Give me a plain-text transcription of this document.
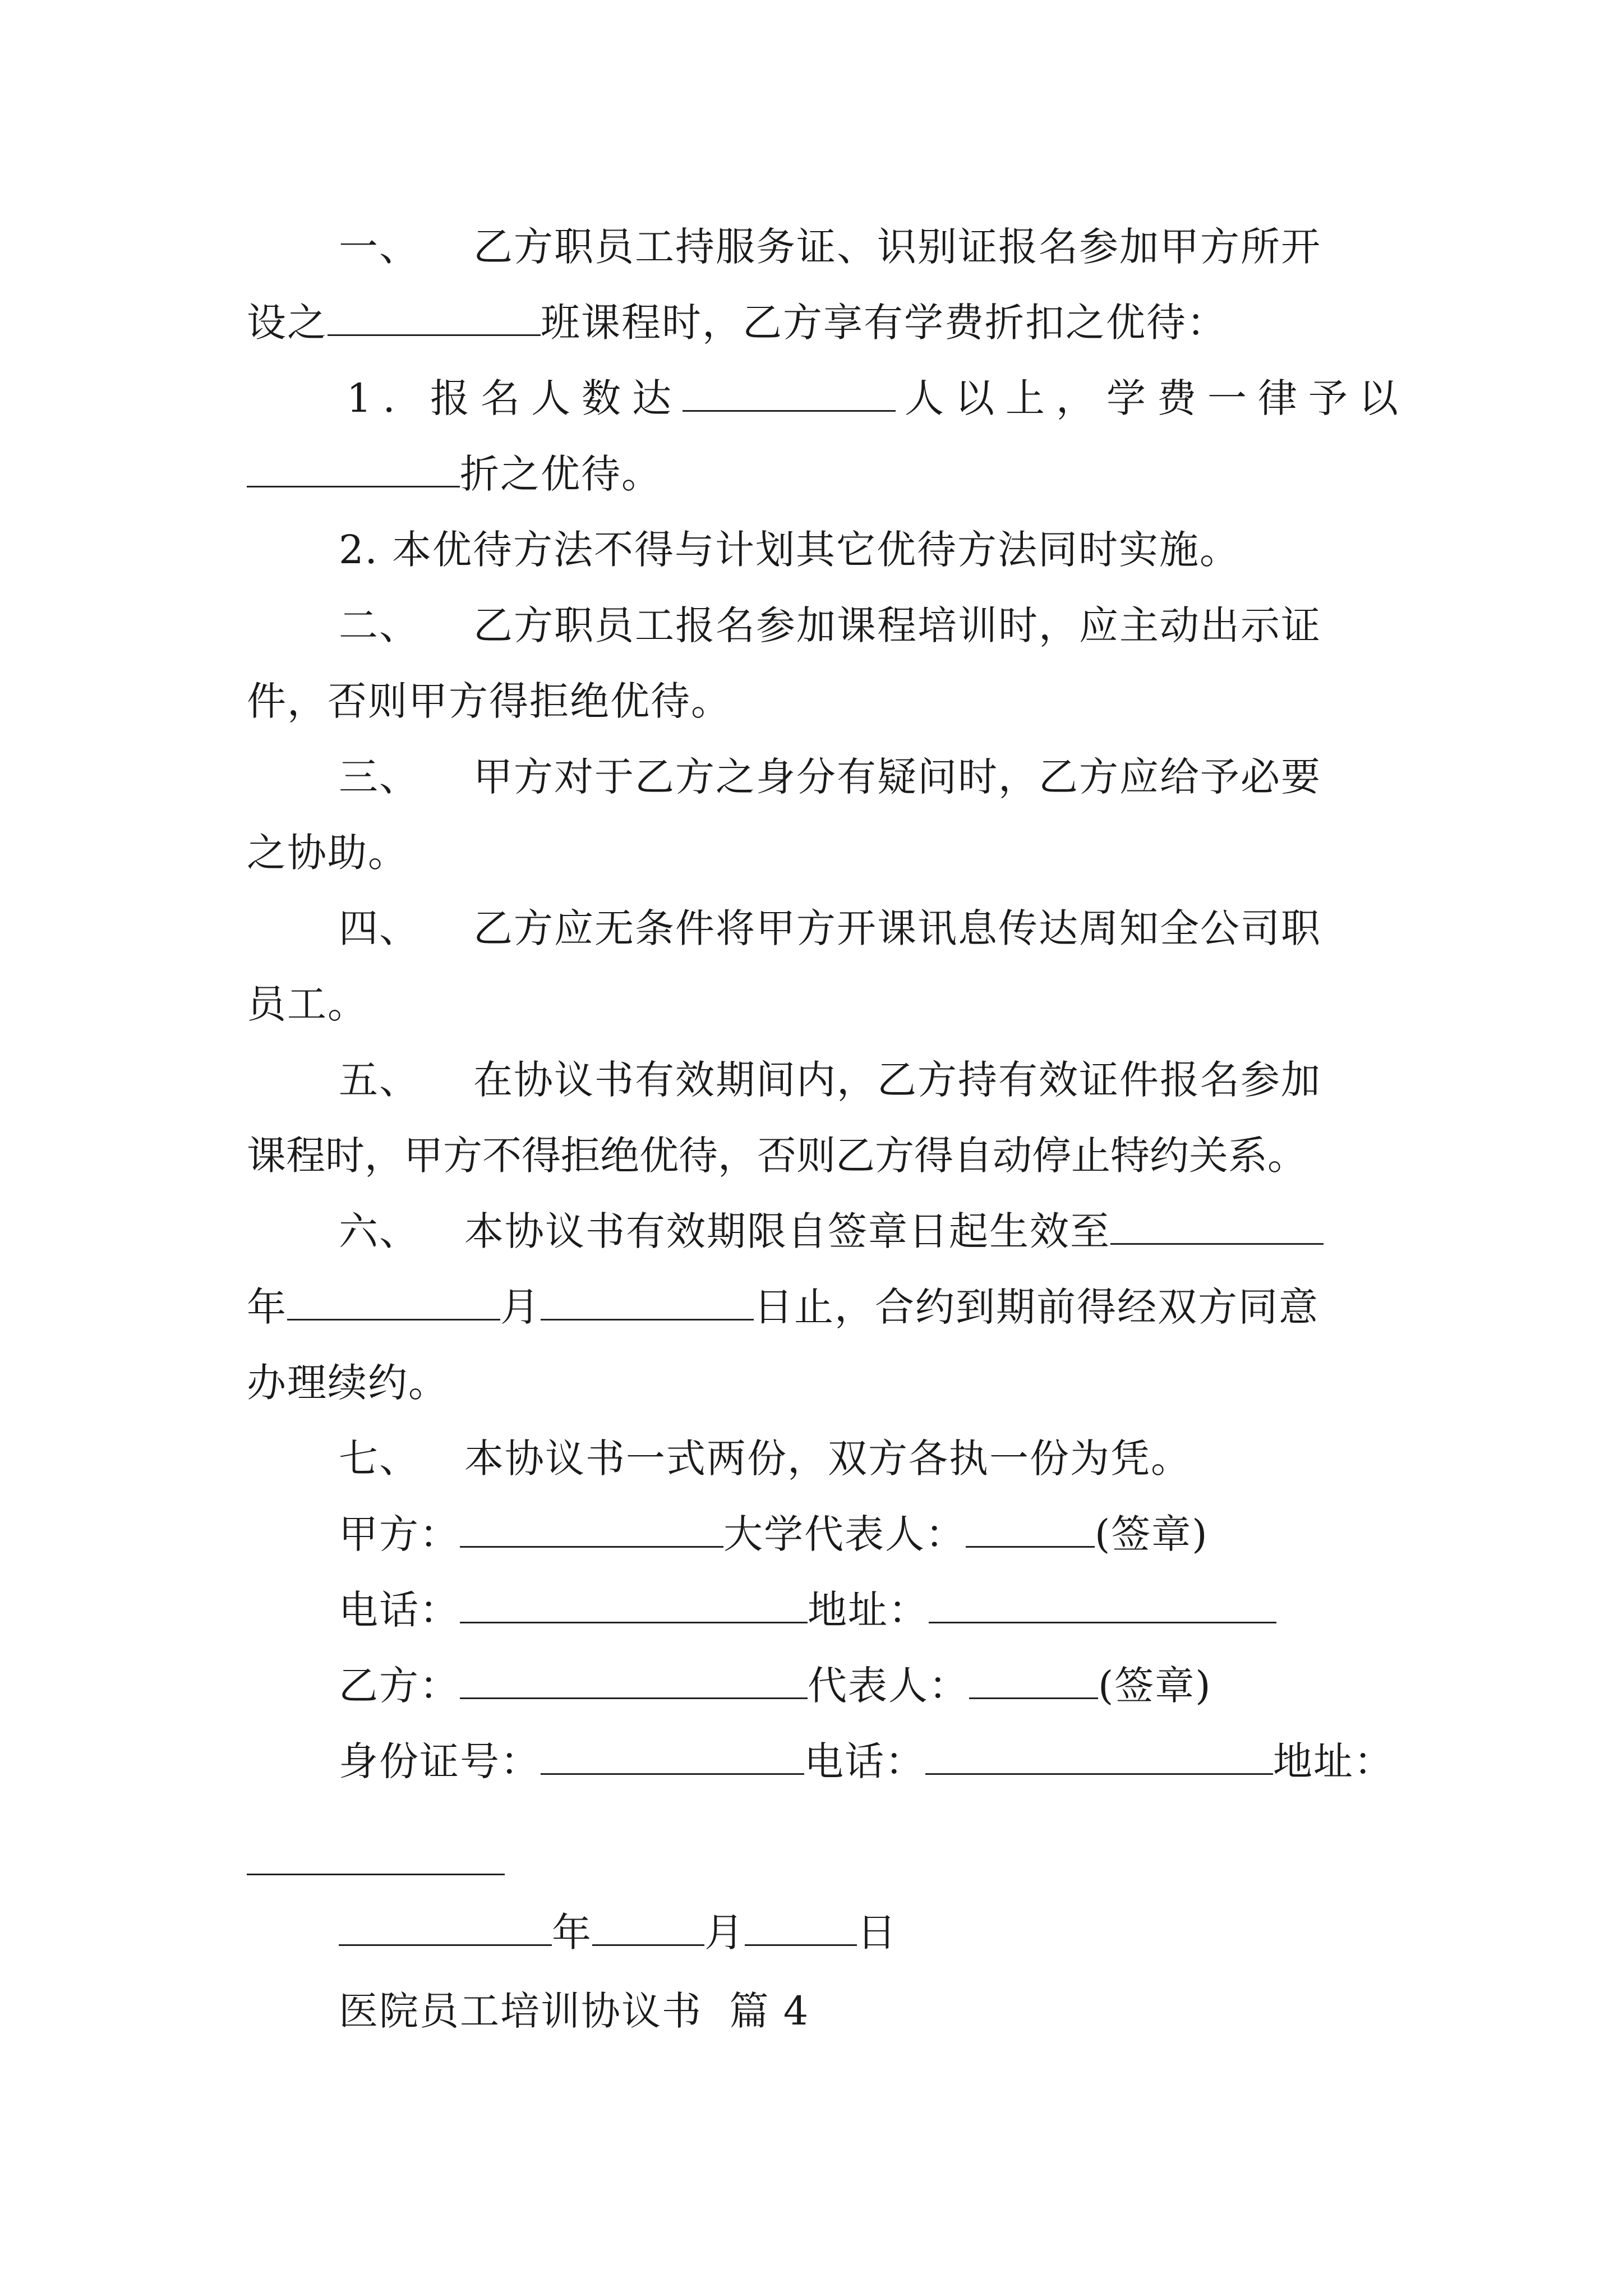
一、 乙方职员工持服务证、识别证报名参加甲方所开
设之	班课程时，乙方享有学费折扣之优待：
1. 报名人数达	人以上，学费一律予以
折之优待。
2. 本优待方法不得与计划其它优待方法同时实施。
二、 乙方职员工报名参加课程培训时，应主动出示证
件，否则甲方得拒绝优待。
三、 甲方对于乙方之身分有疑问时，乙方应给予必要
之协助。
四、 乙方应无条件将甲方开课讯息传达周知全公司职
员工。
五、 在协议书有效期间内，乙方持有效证件报名参加
课程时，甲方不得拒绝优待，否则乙方得自动停止特约关系。
六、 本协议书有效期限自签章日起生效至
年	月	日止，合约到期前得经双方同意
办理续约。
七、 本协议书一式两份，双方各执一份为凭。
甲方：	大学代表人：	(签章)
电话：	地址：
乙方：	代表人：	(签章)
身份证号：	电话：	地址：
年	月	日
医院员工培训协议书  篇 4
